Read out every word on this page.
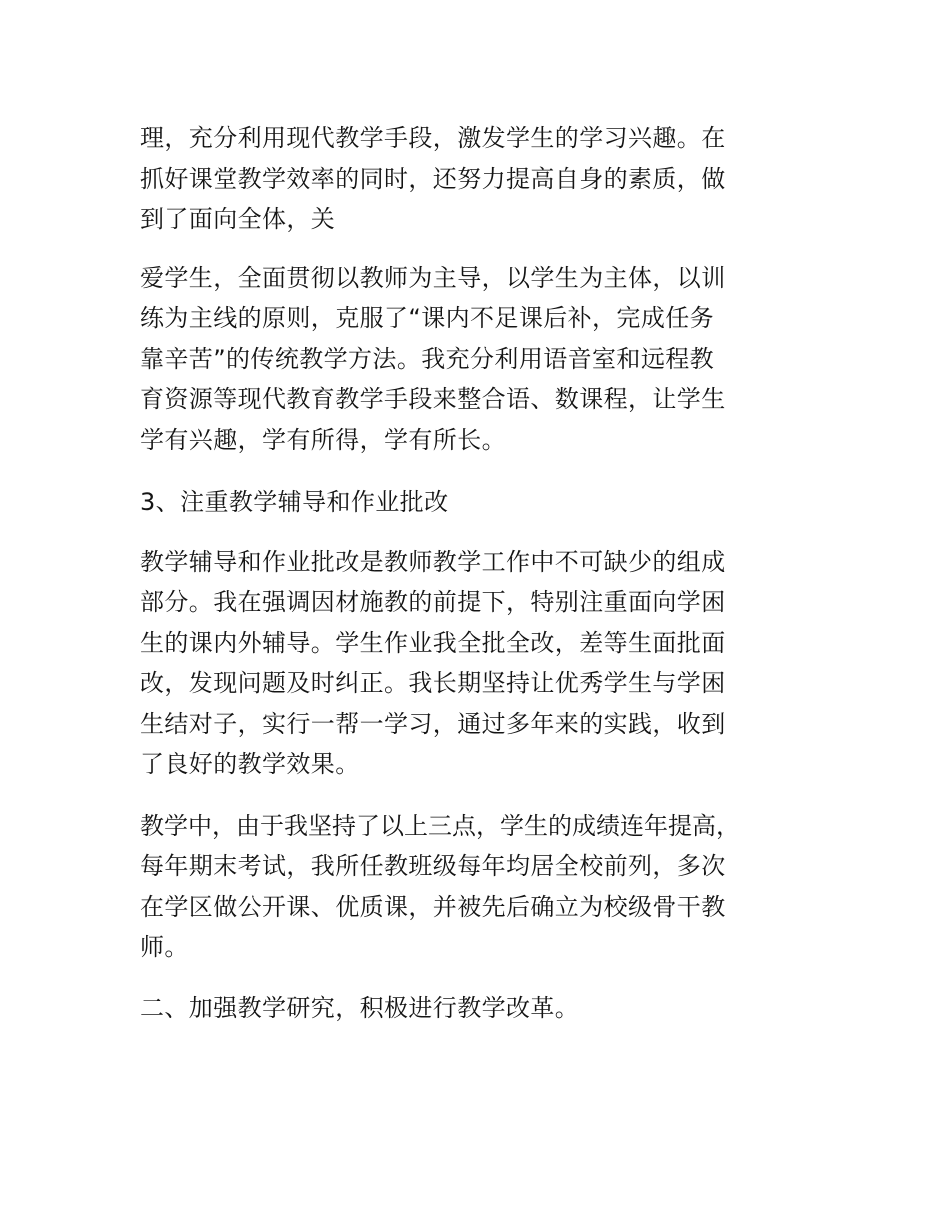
理，充分利用现代教学手段，激发学生的学习兴趣。在
抓好课堂教学效率的同时，还努力提高自身的素质，做
到了面向全体，关
爱学生，全面贯彻以教师为主导，以学生为主体，以训
练为主线的原则，克服了“课内不足课后补，完成任务
靠辛苦”的传统教学方法。我充分利用语音室和远程教
育资源等现代教育教学手段来整合语、数课程，让学生
学有兴趣，学有所得，学有所长。
3、注重教学辅导和作业批改
教学辅导和作业批改是教师教学工作中不可缺少的组成
部分。我在强调因材施教的前提下，特别注重面向学困
生的课内外辅导。学生作业我全批全改，差等生面批面
改，发现问题及时纠正。我长期坚持让优秀学生与学困
生结对子，实行一帮一学习，通过多年来的实践，收到
了良好的教学效果。
教学中，由于我坚持了以上三点，学生的成绩连年提高，
每年期末考试，我所任教班级每年均居全校前列，多次
在学区做公开课、优质课，并被先后确立为校级骨干教
师。
二、加强教学研究，积极进行教学改革。
